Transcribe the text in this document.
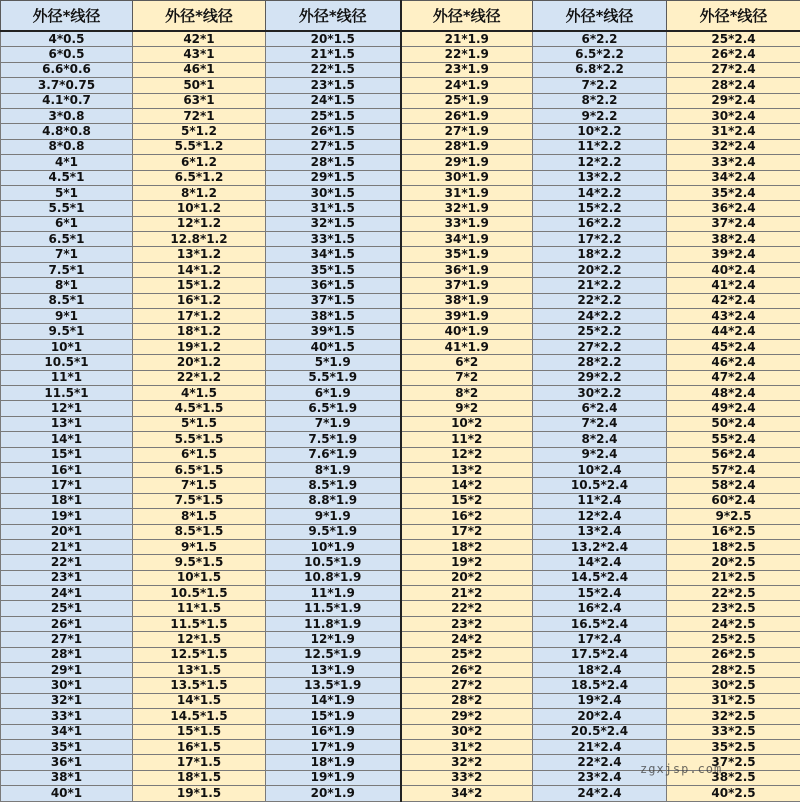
外径*线径	外径*线径	外径*线径	外径*线径	外径*线径	外径*线径
4*0.5	42*1	20*1.5	21*1.9	6*2.2	25*2.4
6*0.5	43*1	21*1.5	22*1.9	6.5*2.2	26*2.4
6.6*0.6	46*1	22*1.5	23*1.9	6.8*2.2	27*2.4
3.7*0.75	50*1	23*1.5	24*1.9	7*2.2	28*2.4
4.1*0.7	63*1	24*1.5	25*1.9	8*2.2	29*2.4
3*0.8	72*1	25*1.5	26*1.9	9*2.2	30*2.4
4.8*0.8	5*1.2	26*1.5	27*1.9	10*2.2	31*2.4
8*0.8	5.5*1.2	27*1.5	28*1.9	11*2.2	32*2.4
4*1	6*1.2	28*1.5	29*1.9	12*2.2	33*2.4
4.5*1	6.5*1.2	29*1.5	30*1.9	13*2.2	34*2.4
5*1	8*1.2	30*1.5	31*1.9	14*2.2	35*2.4
5.5*1	10*1.2	31*1.5	32*1.9	15*2.2	36*2.4
6*1	12*1.2	32*1.5	33*1.9	16*2.2	37*2.4
6.5*1	12.8*1.2	33*1.5	34*1.9	17*2.2	38*2.4
7*1	13*1.2	34*1.5	35*1.9	18*2.2	39*2.4
7.5*1	14*1.2	35*1.5	36*1.9	20*2.2	40*2.4
8*1	15*1.2	36*1.5	37*1.9	21*2.2	41*2.4
8.5*1	16*1.2	37*1.5	38*1.9	22*2.2	42*2.4
9*1	17*1.2	38*1.5	39*1.9	24*2.2	43*2.4
9.5*1	18*1.2	39*1.5	40*1.9	25*2.2	44*2.4
10*1	19*1.2	40*1.5	41*1.9	27*2.2	45*2.4
10.5*1	20*1.2	5*1.9	6*2	28*2.2	46*2.4
11*1	22*1.2	5.5*1.9	7*2	29*2.2	47*2.4
11.5*1	4*1.5	6*1.9	8*2	30*2.2	48*2.4
12*1	4.5*1.5	6.5*1.9	9*2	6*2.4	49*2.4
13*1	5*1.5	7*1.9	10*2	7*2.4	50*2.4
14*1	5.5*1.5	7.5*1.9	11*2	8*2.4	55*2.4
15*1	6*1.5	7.6*1.9	12*2	9*2.4	56*2.4
16*1	6.5*1.5	8*1.9	13*2	10*2.4	57*2.4
17*1	7*1.5	8.5*1.9	14*2	10.5*2.4	58*2.4
18*1	7.5*1.5	8.8*1.9	15*2	11*2.4	60*2.4
19*1	8*1.5	9*1.9	16*2	12*2.4	9*2.5
20*1	8.5*1.5	9.5*1.9	17*2	13*2.4	16*2.5
21*1	9*1.5	10*1.9	18*2	13.2*2.4	18*2.5
22*1	9.5*1.5	10.5*1.9	19*2	14*2.4	20*2.5
23*1	10*1.5	10.8*1.9	20*2	14.5*2.4	21*2.5
24*1	10.5*1.5	11*1.9	21*2	15*2.4	22*2.5
25*1	11*1.5	11.5*1.9	22*2	16*2.4	23*2.5
26*1	11.5*1.5	11.8*1.9	23*2	16.5*2.4	24*2.5
27*1	12*1.5	12*1.9	24*2	17*2.4	25*2.5
28*1	12.5*1.5	12.5*1.9	25*2	17.5*2.4	26*2.5
29*1	13*1.5	13*1.9	26*2	18*2.4	28*2.5
30*1	13.5*1.5	13.5*1.9	27*2	18.5*2.4	30*2.5
32*1	14*1.5	14*1.9	28*2	19*2.4	31*2.5
33*1	14.5*1.5	15*1.9	29*2	20*2.4	32*2.5
34*1	15*1.5	16*1.9	30*2	20.5*2.4	33*2.5
35*1	16*1.5	17*1.9	31*2	21*2.4	35*2.5
36*1	17*1.5	18*1.9	32*2	22*2.4	37*2.5
38*1	18*1.5	19*1.9	33*2	23*2.4	38*2.5
40*1	19*1.5	20*1.9	34*2	24*2.4	40*2.5
zgxjsp.com
